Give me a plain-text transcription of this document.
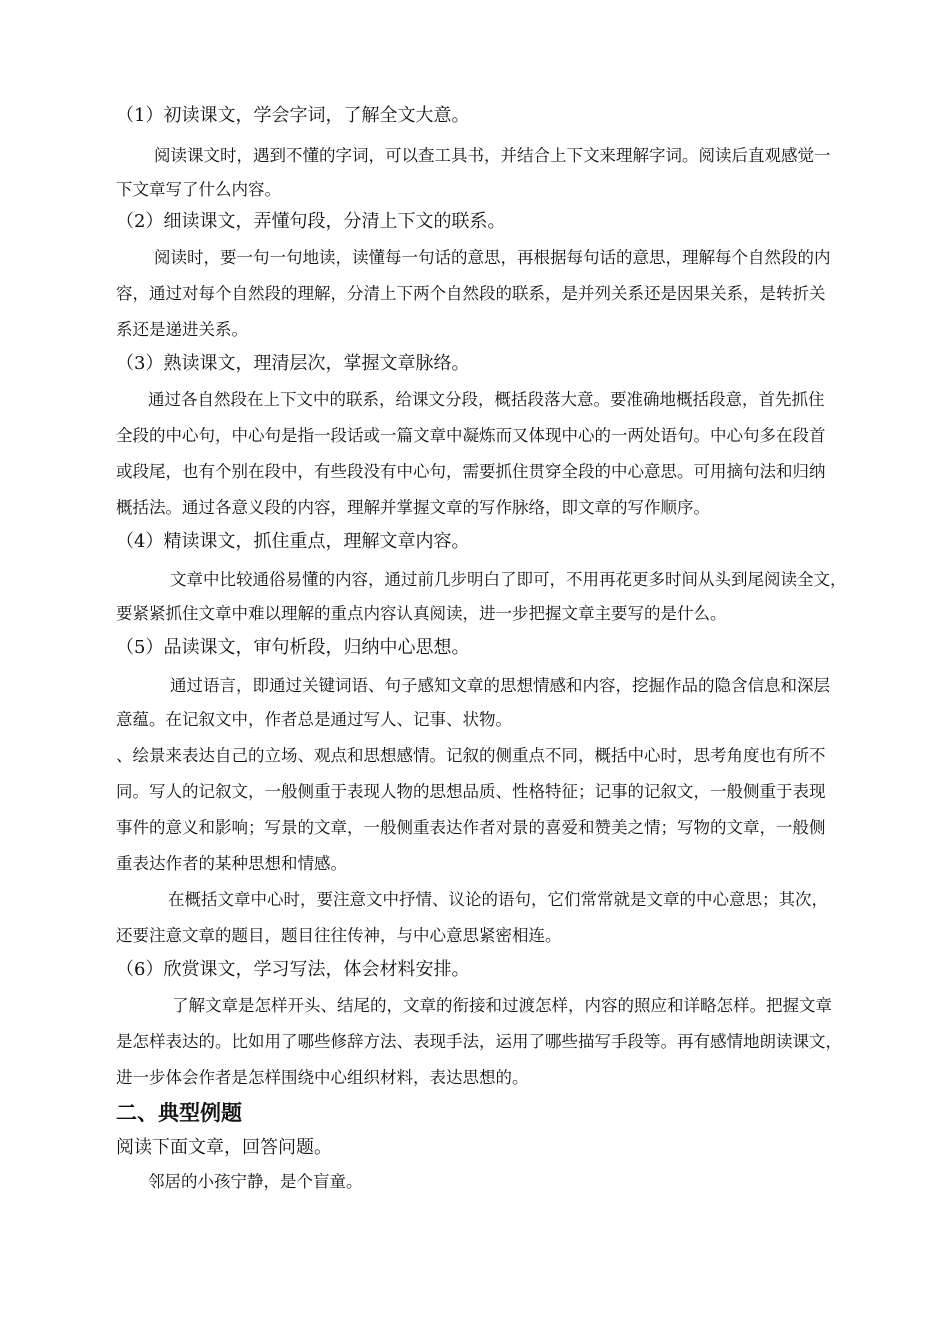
（1）初读课文，学会字词，了解全文大意。
阅读课文时，遇到不懂的字词，可以查工具书，并结合上下文来理解字词。阅读后直观感觉一
下文章写了什么内容。
（2）细读课文，弄懂句段，分清上下文的联系。
阅读时，要一句一句地读，读懂每一句话的意思，再根据每句话的意思，理解每个自然段的内
容，通过对每个自然段的理解，分清上下两个自然段的联系，是并列关系还是因果关系，是转折关
系还是递进关系。
（3）熟读课文，理清层次，掌握文章脉络。
通过各自然段在上下文中的联系，给课文分段，概括段落大意。要准确地概括段意，首先抓住
全段的中心句，中心句是指一段话或一篇文章中凝炼而又体现中心的一两处语句。中心句多在段首
或段尾，也有个别在段中，有些段没有中心句，需要抓住贯穿全段的中心意思。可用摘句法和归纳
概括法。通过各意义段的内容，理解并掌握文章的写作脉络，即文章的写作顺序。
（4）精读课文，抓住重点，理解文章内容。
文章中比较通俗易懂的内容，通过前几步明白了即可，不用再花更多时间从头到尾阅读全文，
要紧紧抓住文章中难以理解的重点内容认真阅读，进一步把握文章主要写的是什么。
（5）品读课文，审句析段，归纳中心思想。
通过语言，即通过关键词语、句子感知文章的思想情感和内容，挖掘作品的隐含信息和深层
意蕴。在记叙文中，作者总是通过写人、记事、状物。
、绘景来表达自己的立场、观点和思想感情。记叙的侧重点不同，概括中心时，思考角度也有所不
同。写人的记叙文，一般侧重于表现人物的思想品质、性格特征；记事的记叙文，一般侧重于表现
事件的意义和影响；写景的文章，一般侧重表达作者对景的喜爱和赞美之情；写物的文章，一般侧
重表达作者的某种思想和情感。
在概括文章中心时，要注意文中抒情、议论的语句，它们常常就是文章的中心意思；其次，
还要注意文章的题目，题目往往传神，与中心意思紧密相连。
（6）欣赏课文，学习写法，体会材料安排。
了解文章是怎样开头、结尾的，文章的衔接和过渡怎样，内容的照应和详略怎样。把握文章
是怎样表达的。比如用了哪些修辞方法、表现手法，运用了哪些描写手段等。再有感情地朗读课文，
进一步体会作者是怎样围绕中心组织材料，表达思想的。
二、典型例题
阅读下面文章，回答问题。
邻居的小孩宁静，是个盲童。
